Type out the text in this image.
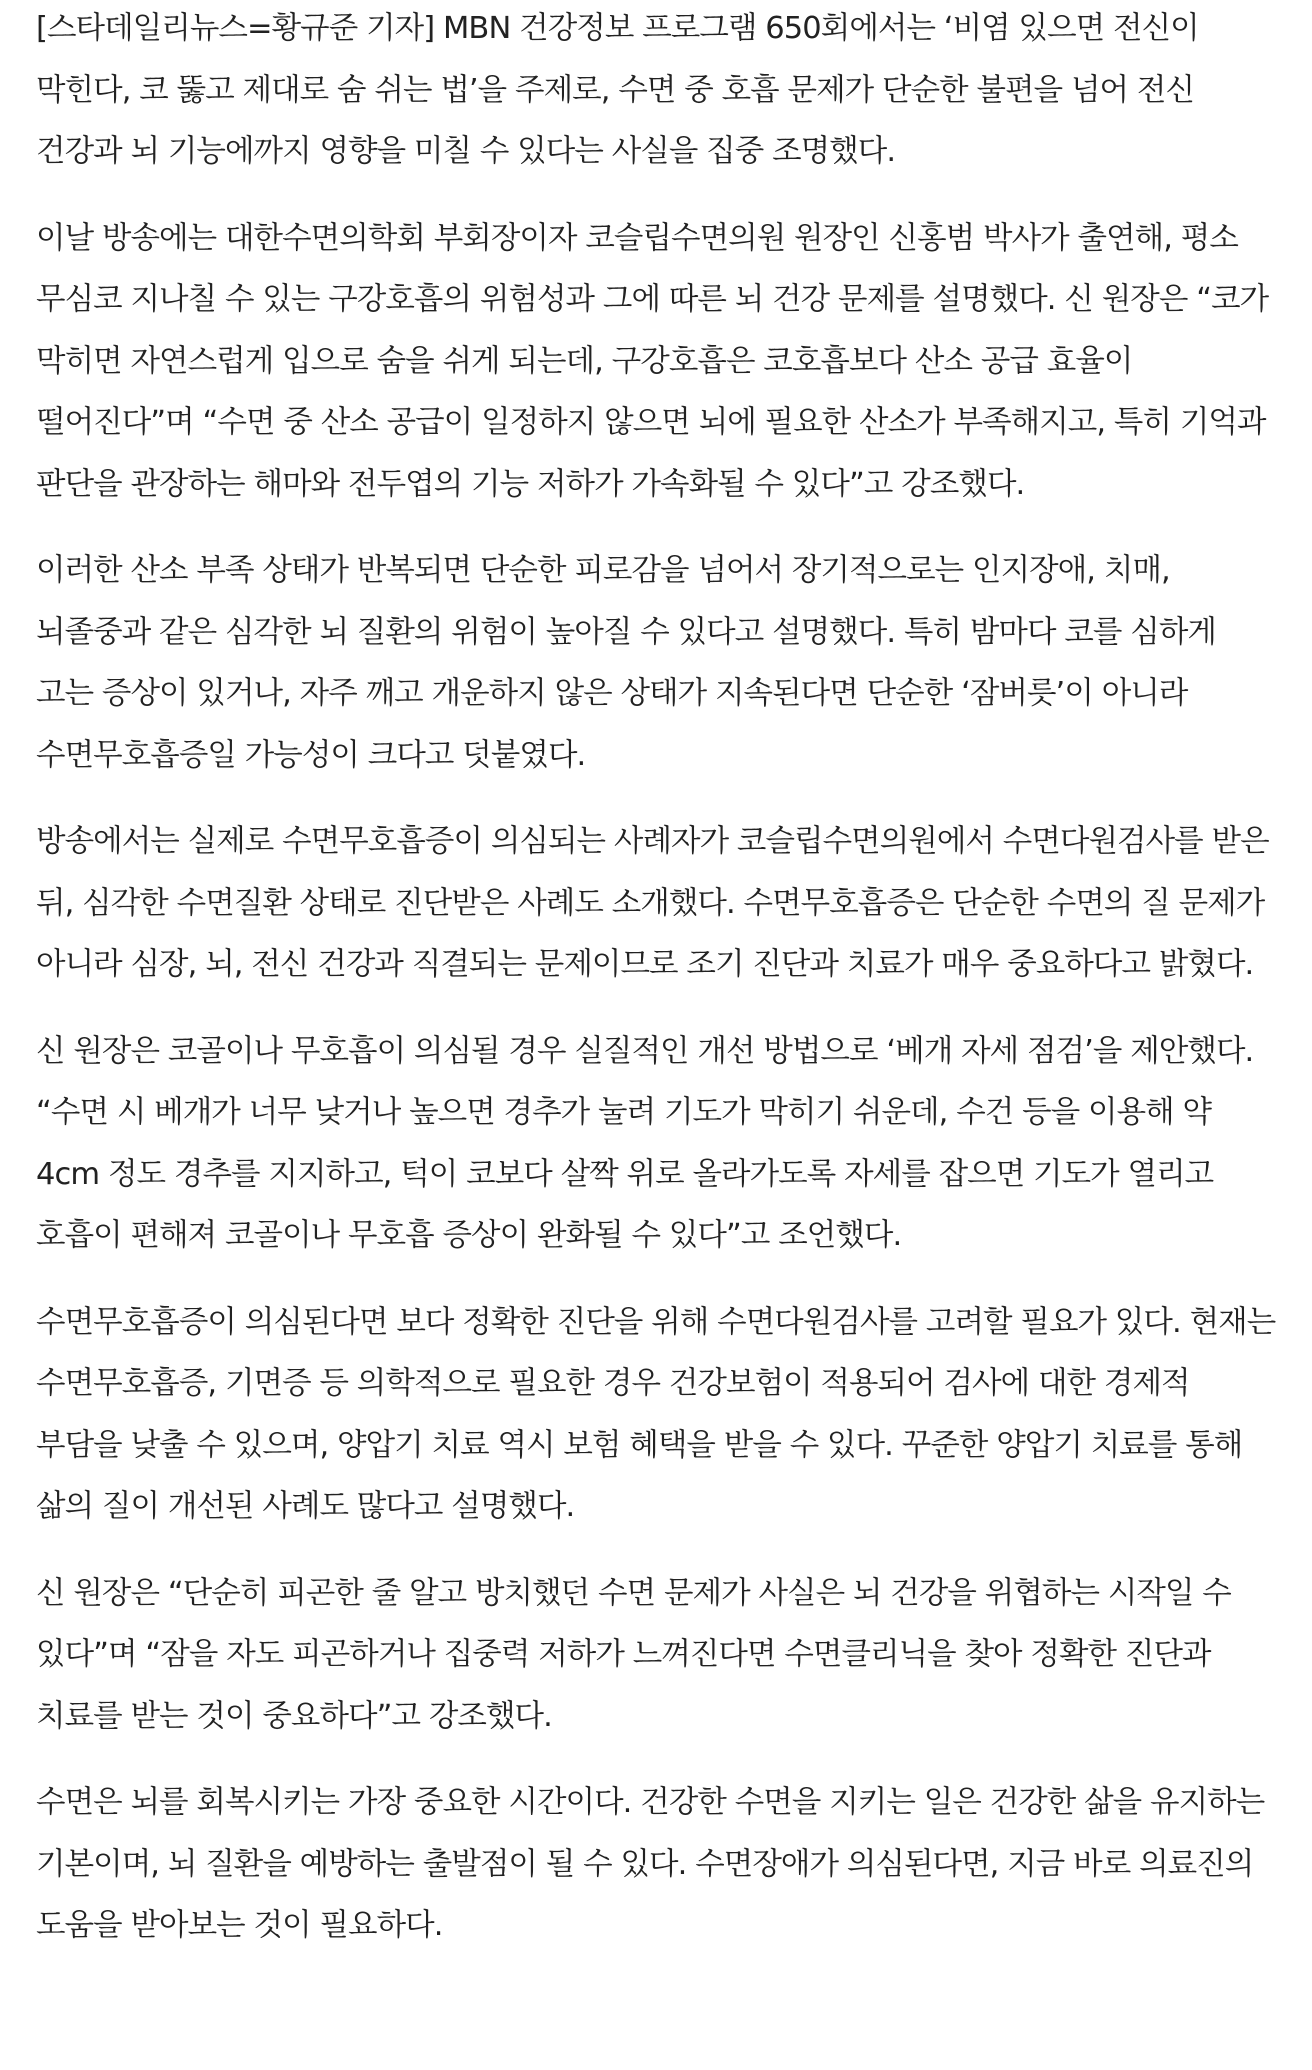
[스타데일리뉴스=황규준 기자] MBN 건강정보 프로그램 650회에서는 ‘비염 있으면 전신이 막힌다, 코 뚫고 제대로 숨 쉬는 법’을 주제로, 수면 중 호흡 문제가 단순한 불편을 넘어 전신 건강과 뇌 기능에까지 영향을 미칠 수 있다는 사실을 집중 조명했다.

이날 방송에는 대한수면의학회 부회장이자 코슬립수면의원 원장인 신홍범 박사가 출연해, 평소 무심코 지나칠 수 있는 구강호흡의 위험성과 그에 따른 뇌 건강 문제를 설명했다. 신 원장은 “코가 막히면 자연스럽게 입으로 숨을 쉬게 되는데, 구강호흡은 코호흡보다 산소 공급 효율이 떨어진다”며 “수면 중 산소 공급이 일정하지 않으면 뇌에 필요한 산소가 부족해지고, 특히 기억과 판단을 관장하는 해마와 전두엽의 기능 저하가 가속화될 수 있다”고 강조했다.

이러한 산소 부족 상태가 반복되면 단순한 피로감을 넘어서 장기적으로는 인지장애, 치매, 뇌졸중과 같은 심각한 뇌 질환의 위험이 높아질 수 있다고 설명했다. 특히 밤마다 코를 심하게 고는 증상이 있거나, 자주 깨고 개운하지 않은 상태가 지속된다면 단순한 ‘잠버릇’이 아니라 수면무호흡증일 가능성이 크다고 덧붙였다.

방송에서는 실제로 수면무호흡증이 의심되는 사례자가 코슬립수면의원에서 수면다원검사를 받은 뒤, 심각한 수면질환 상태로 진단받은 사례도 소개했다. 수면무호흡증은 단순한 수면의 질 문제가 아니라 심장, 뇌, 전신 건강과 직결되는 문제이므로 조기 진단과 치료가 매우 중요하다고 밝혔다.

신 원장은 코골이나 무호흡이 의심될 경우 실질적인 개선 방법으로 ‘베개 자세 점검’을 제안했다. “수면 시 베개가 너무 낮거나 높으면 경추가 눌려 기도가 막히기 쉬운데, 수건 등을 이용해 약 4cm 정도 경추를 지지하고, 턱이 코보다 살짝 위로 올라가도록 자세를 잡으면 기도가 열리고 호흡이 편해져 코골이나 무호흡 증상이 완화될 수 있다”고 조언했다.

수면무호흡증이 의심된다면 보다 정확한 진단을 위해 수면다원검사를 고려할 필요가 있다. 현재는 수면무호흡증, 기면증 등 의학적으로 필요한 경우 건강보험이 적용되어 검사에 대한 경제적 부담을 낮출 수 있으며, 양압기 치료 역시 보험 혜택을 받을 수 있다. 꾸준한 양압기 치료를 통해 삶의 질이 개선된 사례도 많다고 설명했다.

신 원장은 “단순히 피곤한 줄 알고 방치했던 수면 문제가 사실은 뇌 건강을 위협하는 시작일 수 있다”며 “잠을 자도 피곤하거나 집중력 저하가 느껴진다면 수면클리닉을 찾아 정확한 진단과 치료를 받는 것이 중요하다”고 강조했다.

수면은 뇌를 회복시키는 가장 중요한 시간이다. 건강한 수면을 지키는 일은 건강한 삶을 유지하는 기본이며, 뇌 질환을 예방하는 출발점이 될 수 있다. 수면장애가 의심된다면, 지금 바로 의료진의 도움을 받아보는 것이 필요하다.
